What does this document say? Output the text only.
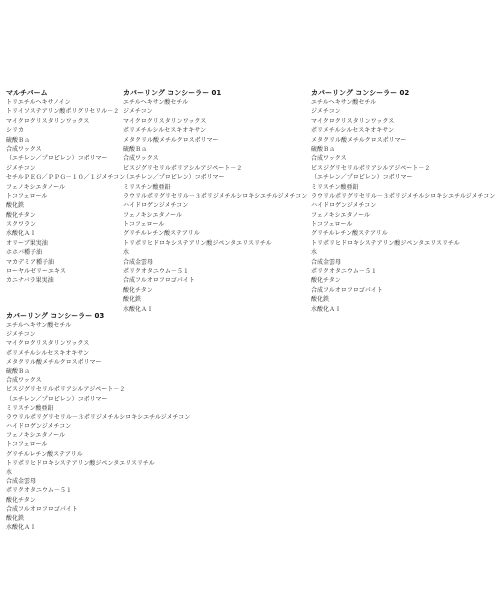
マルチバーム
トリエチルヘキサノイン
トリイソステアリン酸ポリグリセリル－２
マイクロクリスタリンワックス
シリカ
硫酸Ｂａ
合成ワックス
（エチレン／プロピレン）コポリマー
ジメチコン
セチルＰＥＧ／ＰＰＧ－１０／１ジメチコン
フェノキシエタノール
トコフェロール
酸化鉄
酸化チタン
スクワラン
水酸化Ａｌ
オリーブ果実油
ホホバ種子油
マカデミア種子油
ローヤルゼリーエキス
カニナバラ果実油
カバーリング コンシーラー 01
エチルヘキサン酸セチル
ジメチコン
マイクロクリスタリンワックス
ポリメチルシルセスキオキサン
メタクリル酸メチルクロスポリマー
硫酸Ｂａ
合成ワックス
ビスジグリセリルポリアシルアジペート－２
（エチレン／プロピレン）コポリマー
ミリスチン酸亜鉛
ラウリルポリグリセリル－３ポリジメチルシロキシエチルジメチコン
ハイドロゲンジメチコン
フェノキシエタノール
トコフェロール
グリチルレチン酸ステアリル
トリポリヒドロキシステアリン酸ジペンタエリスリチル
水
合成金雲母
ポリクオタニウム－５１
合成フルオロフロゴパイト
酸化チタン
酸化鉄
水酸化Ａｌ
カバーリング コンシーラー 02
エチルヘキサン酸セチル
ジメチコン
マイクロクリスタリンワックス
ポリメチルシルセスキオキサン
メタクリル酸メチルクロスポリマー
硫酸Ｂａ
合成ワックス
ビスジグリセリルポリアシルアジペート－２
（エチレン／プロピレン）コポリマー
ミリスチン酸亜鉛
ラウリルポリグリセリル－３ポリジメチルシロキシエチルジメチコン
ハイドロゲンジメチコン
フェノキシエタノール
トコフェロール
グリチルレチン酸ステアリル
トリポリヒドロキシステアリン酸ジペンタエリスリチル
水
合成金雲母
ポリクオタニウム－５１
酸化チタン
合成フルオロフロゴパイト
酸化鉄
水酸化Ａｌ
カバーリング コンシーラー 03
エチルヘキサン酸セチル
ジメチコン
マイクロクリスタリンワックス
ポリメチルシルセスキオキサン
メタクリル酸メチルクロスポリマー
硫酸Ｂａ
合成ワックス
ビスジグリセリルポリアシルアジペート－２
（エチレン／プロピレン）コポリマー
ミリスチン酸亜鉛
ラウリルポリグリセリル－３ポリジメチルシロキシエチルジメチコン
ハイドロゲンジメチコン
フェノキシエタノール
トコフェロール
グリチルレチン酸ステアリル
トリポリヒドロキシステアリン酸ジペンタエリスリチル
水
合成金雲母
ポリクオタニウム－５１
酸化チタン
合成フルオロフロゴパイト
酸化鉄
水酸化Ａｌ
